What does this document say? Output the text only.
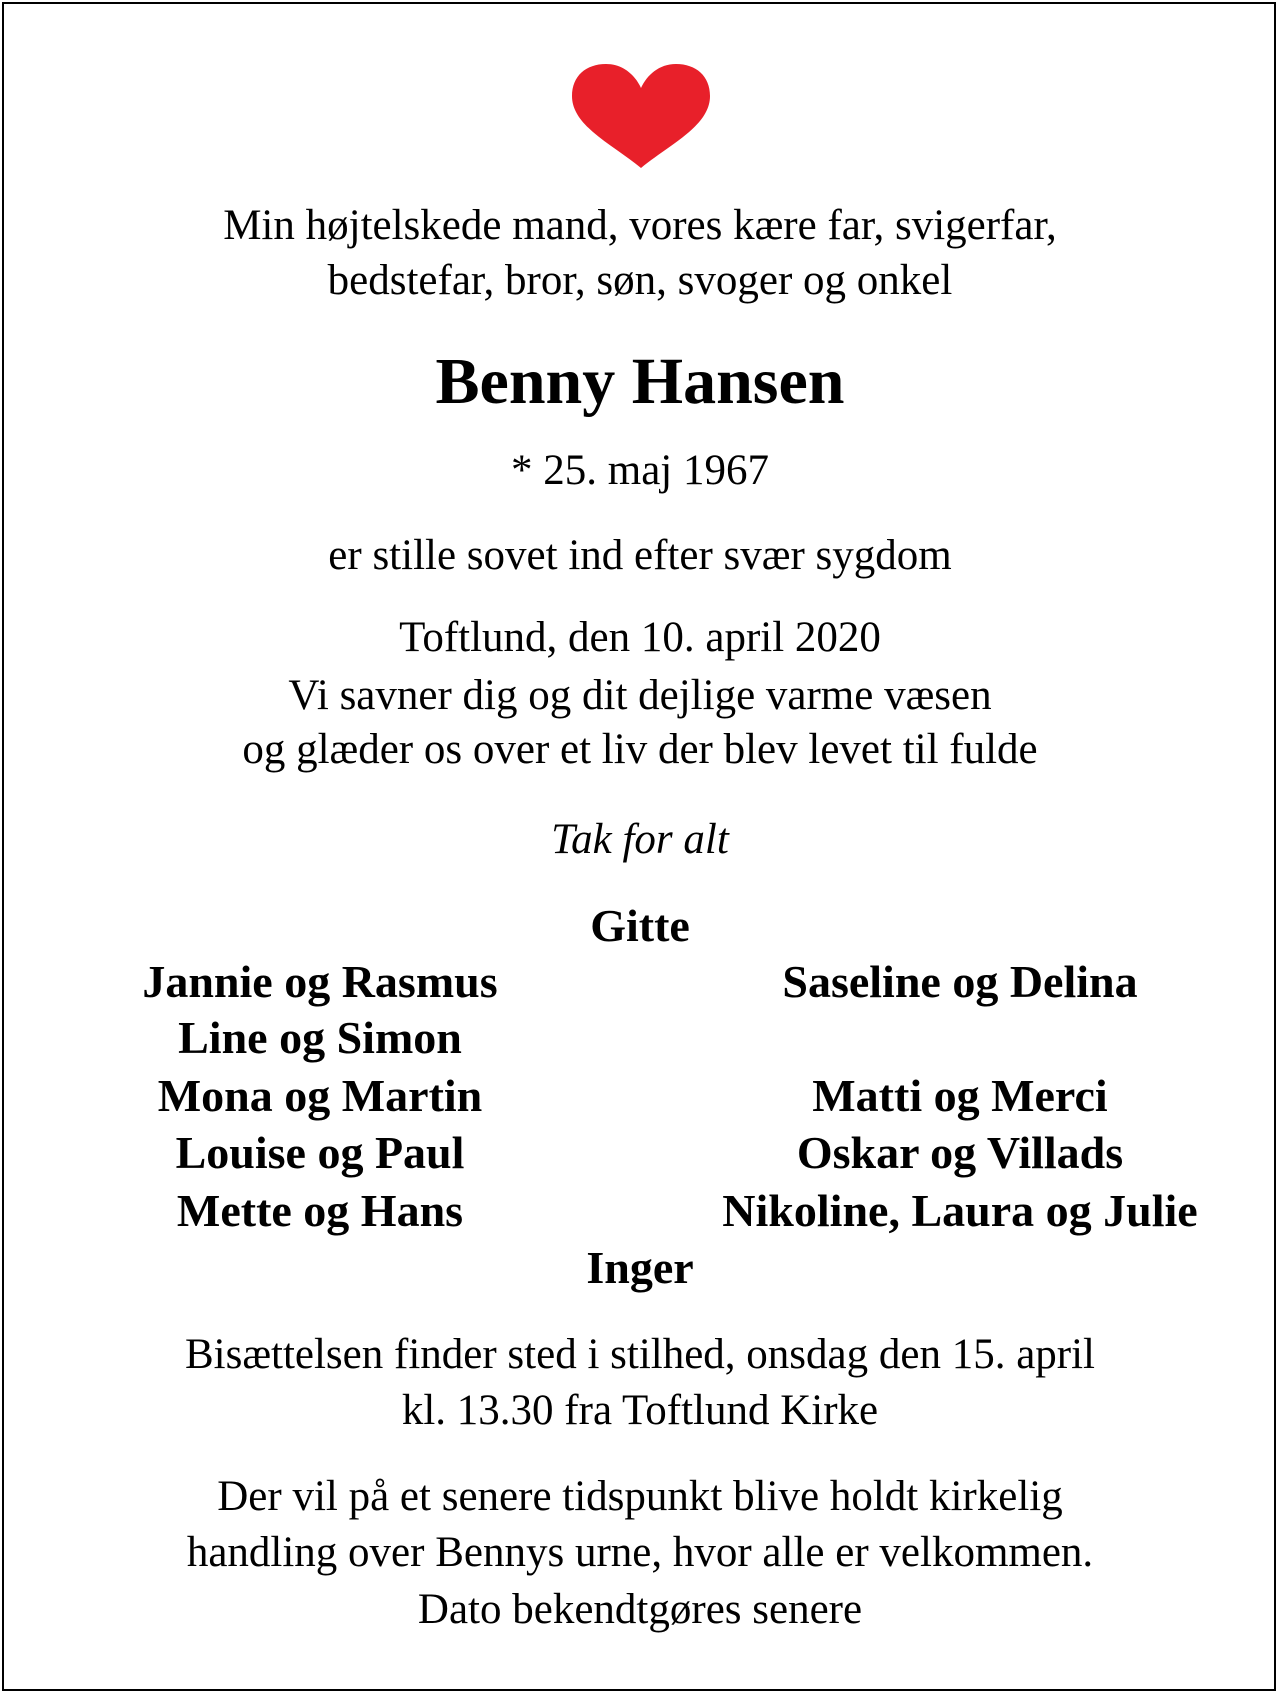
Min højtelskede mand, vores kære far, svigerfar,
bedstefar, bror, søn, svoger og onkel
Benny Hansen
* 25. maj 1967
er stille sovet ind efter svær sygdom
Toftlund, den 10. april 2020
Vi savner dig og dit dejlige varme væsen
og glæder os over et liv der blev levet til fulde
Tak for alt
Gitte
Jannie og Rasmus
Line og Simon
Mona og Martin
Louise og Paul
Mette og Hans
Saseline og Delina
Matti og Merci
Oskar og Villads
Nikoline, Laura og Julie
Inger
Bisættelsen finder sted i stilhed, onsdag den 15. april
kl. 13.30 fra Toftlund Kirke
Der vil på et senere tidspunkt blive holdt kirkelig
handling over Bennys urne, hvor alle er velkommen.
Dato bekendtgøres senere
